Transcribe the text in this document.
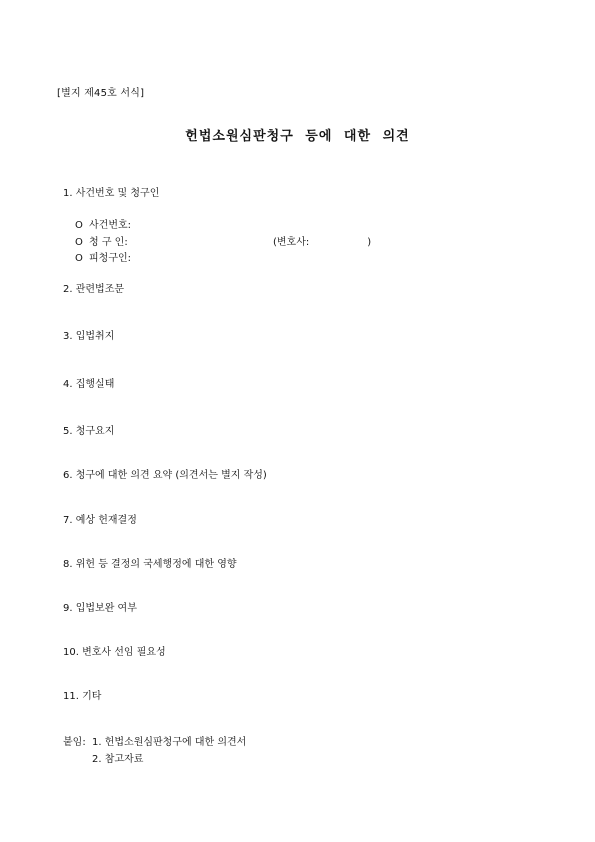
[별지 제45호 서식]
헌법소원심판청구 등에 대한 의견
1. 사건번호 및 청구인
O 사건번호:
O 청 구 인:	(변호사:	)
O 피청구인:
2. 관련법조문
3. 입법취지
4. 집행실태
5. 청구요지
6. 청구에 대한 의견 요약 (의견서는 별지 작성)
7. 예상 헌재결정
8. 위헌 등 결정의 국세행정에 대한 영향
9. 입법보완 여부
10. 변호사 선임 필요성
11. 기타
붙임: 1. 헌법소원심판청구에 대한 의견서
2. 참고자료
